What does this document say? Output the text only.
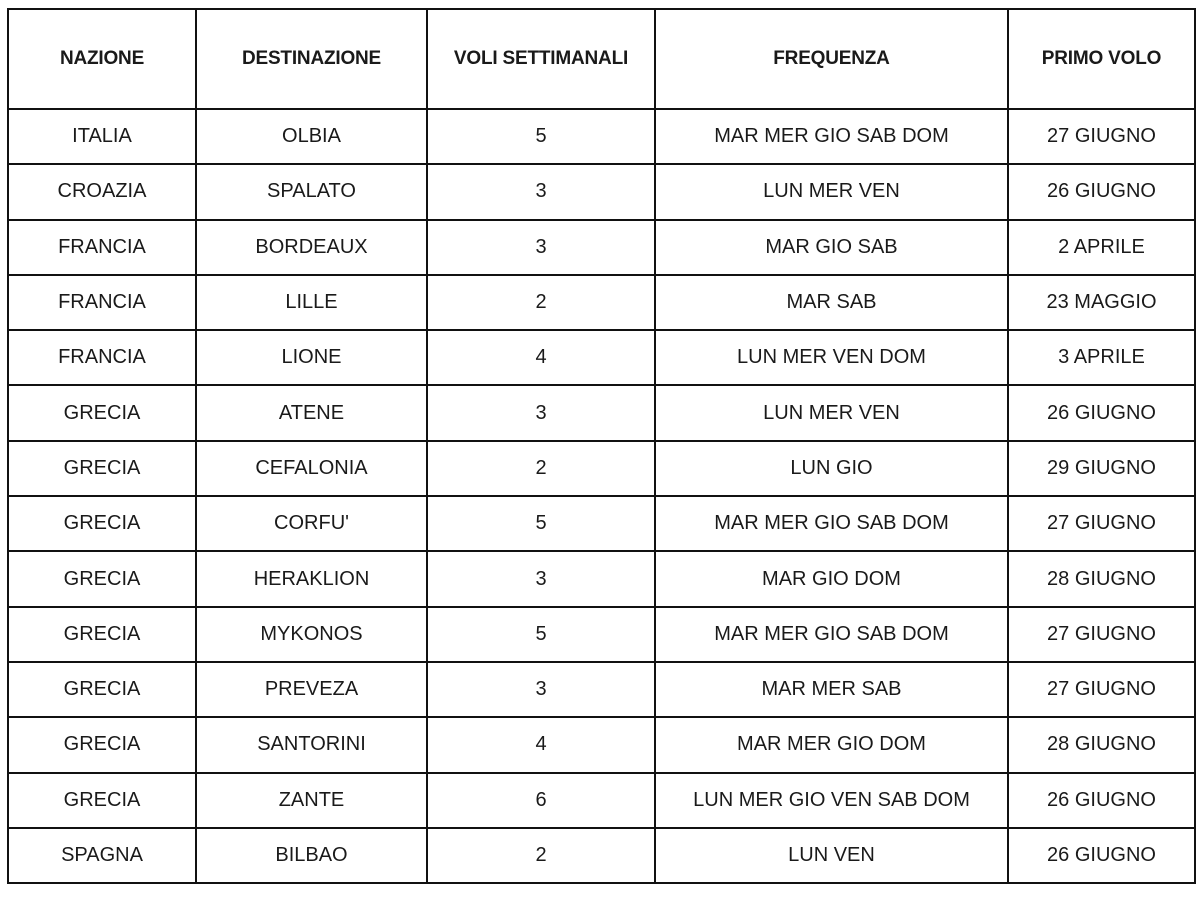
NAZIONE	DESTINAZIONE	VOLI SETTIMANALI	FREQUENZA	PRIMO VOLO
ITALIA	OLBIA	5	MAR MER GIO SAB DOM	27 GIUGNO
CROAZIA	SPALATO	3	LUN MER VEN	26 GIUGNO
FRANCIA	BORDEAUX	3	MAR GIO SAB	2 APRILE
FRANCIA	LILLE	2	MAR SAB	23 MAGGIO
FRANCIA	LIONE	4	LUN MER VEN DOM	3 APRILE
GRECIA	ATENE	3	LUN MER VEN	26 GIUGNO
GRECIA	CEFALONIA	2	LUN GIO	29 GIUGNO
GRECIA	CORFU'	5	MAR MER GIO SAB DOM	27 GIUGNO
GRECIA	HERAKLION	3	MAR GIO DOM	28 GIUGNO
GRECIA	MYKONOS	5	MAR MER GIO SAB DOM	27 GIUGNO
GRECIA	PREVEZA	3	MAR MER SAB	27 GIUGNO
GRECIA	SANTORINI	4	MAR MER GIO DOM	28 GIUGNO
GRECIA	ZANTE	6	LUN MER GIO VEN SAB DOM	26 GIUGNO
SPAGNA	BILBAO	2	LUN VEN	26 GIUGNO
